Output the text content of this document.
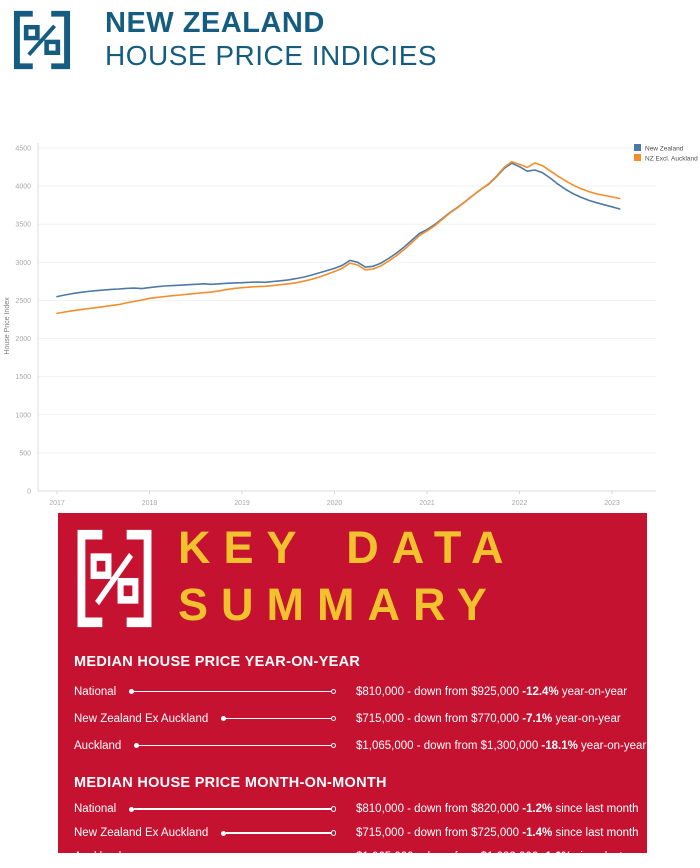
NEW ZEALAND
HOUSE PRICE INDICIES
0
500
1000
1500
2000
2500
3000
3500
4000
4500
2017	2018	2019	2020	2021	2022	2023
House Price Index
New Zealand
NZ Excl. Auckland
KEY DATA
SUMMARY
MEDIAN HOUSE PRICE YEAR-ON-YEAR
National	$810,000 - down from $925,000 -12.4% year-on-year
New Zealand Ex Auckland	$715,000 - down from $770,000 -7.1% year-on-year
Auckland	$1,065,000 - down from $1,300,000 -18.1% year-on-year
MEDIAN HOUSE PRICE MONTH-ON-MONTH
National	$810,000 - down from $820,000 -1.2% since last month
New Zealand Ex Auckland	$715,000 - down from $725,000 -1.4% since last month
Auckland	$1,065,000 - down from $1,082,000 -1.6% since last month
